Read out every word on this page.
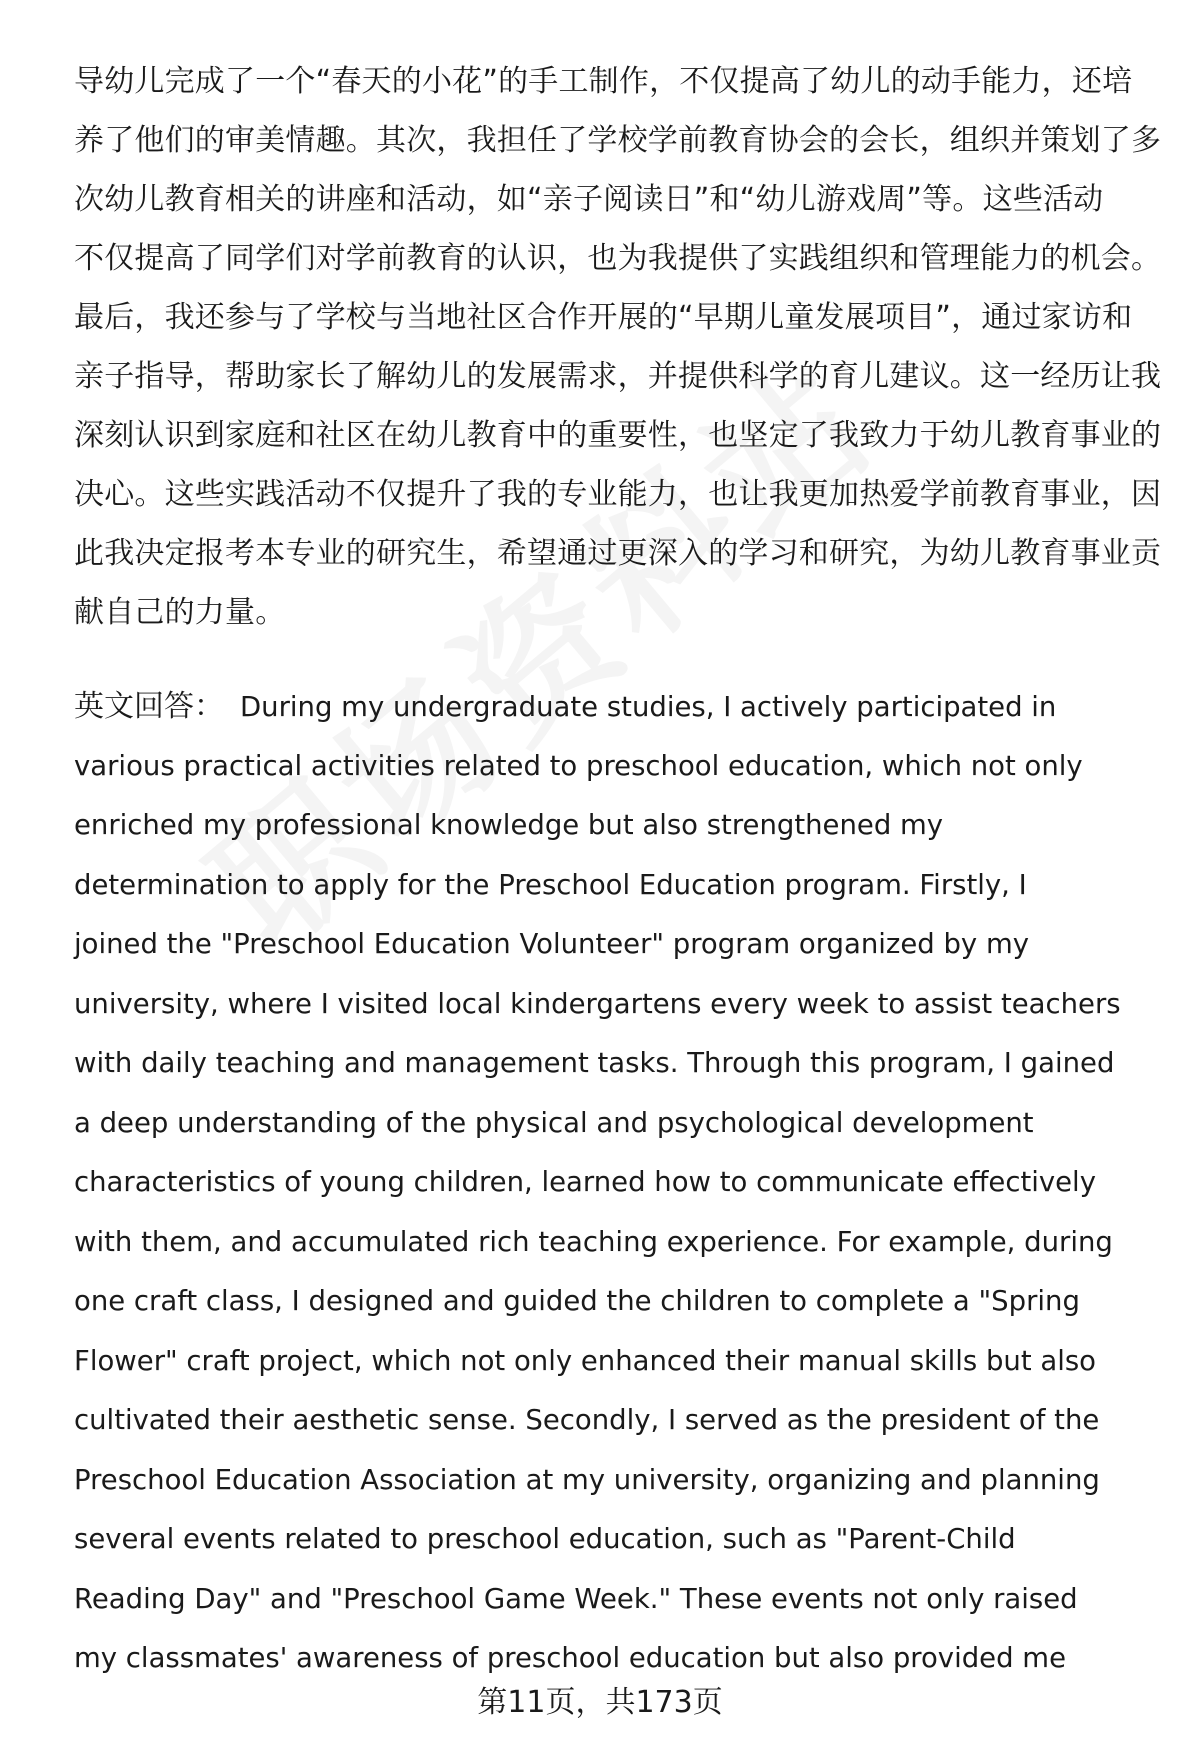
导幼儿完成了一个“春天的小花”的手工制作，不仅提高了幼儿的动手能力，还培
养了他们的审美情趣。其次，我担任了学校学前教育协会的会长，组织并策划了多
次幼儿教育相关的讲座和活动，如“亲子阅读日”和“幼儿游戏周”等。这些活动
不仅提高了同学们对学前教育的认识，也为我提供了实践组织和管理能力的机会。
最后，我还参与了学校与当地社区合作开展的“早期儿童发展项目”，通过家访和
亲子指导，帮助家长了解幼儿的发展需求，并提供科学的育儿建议。这一经历让我
深刻认识到家庭和社区在幼儿教育中的重要性，也坚定了我致力于幼儿教育事业的
决心。这些实践活动不仅提升了我的专业能力，也让我更加热爱学前教育事业，因
此我决定报考本专业的研究生，希望通过更深入的学习和研究，为幼儿教育事业贡
献自己的力量。
英文回答： During my undergraduate studies, I actively participated in
various practical activities related to preschool education, which not only
enriched my professional knowledge but also strengthened my
determination to apply for the Preschool Education program. Firstly, I
joined the "Preschool Education Volunteer" program organized by my
university, where I visited local kindergartens every week to assist teachers
with daily teaching and management tasks. Through this program, I gained
a deep understanding of the physical and psychological development
characteristics of young children, learned how to communicate effectively
with them, and accumulated rich teaching experience. For example, during
one craft class, I designed and guided the children to complete a "Spring
Flower" craft project, which not only enhanced their manual skills but also
cultivated their aesthetic sense. Secondly, I served as the president of the
Preschool Education Association at my university, organizing and planning
several events related to preschool education, such as "Parent-Child
Reading Day" and "Preschool Game Week." These events not only raised
my classmates' awareness of preschool education but also provided me
第11页，共173页
